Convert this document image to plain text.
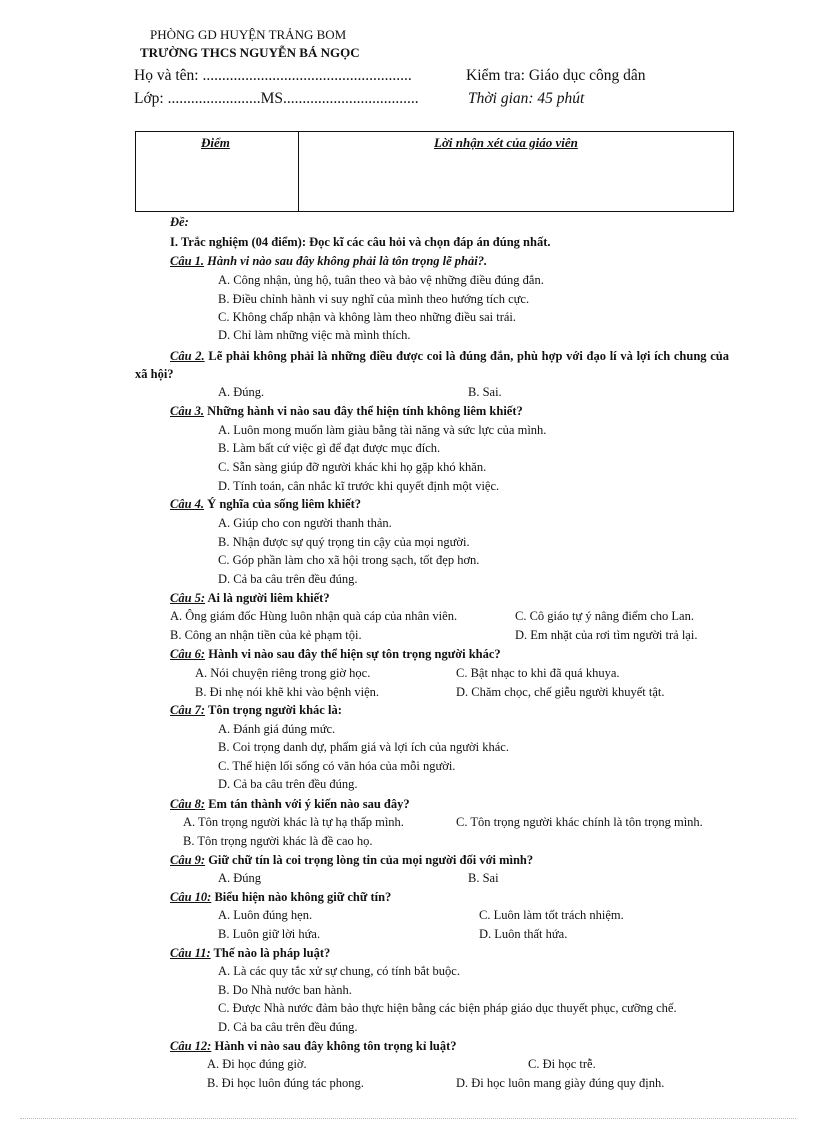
PHÒNG GD HUYỆN TRẢNG BOM
TRƯỜNG THCS NGUYỄN BÁ NGỌC
Họ và tên: ......................................................
Lớp: ........................MS...................................
Kiểm tra: Giáo dục công dân
Thời gian: 45 phút
Điểm	Lời nhận xét của giáo viên
Đề:
I. Trắc nghiệm (04 điểm): Đọc kĩ các câu hỏi và chọn đáp án đúng nhất.
Câu 1. Hành vi nào sau đây không phải là tôn trọng lẽ phải?.
A. Công nhận, ủng hộ, tuân theo và bảo vệ những điều đúng đắn.
B. Điều chỉnh hành vi suy nghĩ của mình theo hướng tích cực.
C. Không chấp nhận và không làm theo những điều sai trái.
D. Chỉ làm những việc mà mình thích.
Câu 2. Lẽ phải không phải là những điều được coi là đúng đắn, phù hợp với đạo lí và lợi ích chung của xã hội?
A. Đúng.	B. Sai.
Câu 3. Những hành vi nào sau đây thể hiện tính không liêm khiết?
A. Luôn mong muốn làm giàu bằng tài năng và sức lực của mình.
B. Làm bất cứ việc gì để đạt được mục đích.
C. Sẵn sàng giúp đỡ người khác khi họ gặp khó khăn.
D. Tính toán, cân nhắc kĩ trước khi quyết định một việc.
Câu 4. Ý nghĩa của sống liêm khiết?
A. Giúp cho con người thanh thản.
B. Nhận được sự quý trọng tin cậy của mọi người.
C. Góp phần làm cho xã hội trong sạch, tốt đẹp hơn.
D. Cả ba câu trên đều đúng.
Câu 5: Ai là người liêm khiết?
A. Ông giám đốc Hùng luôn nhận quà cáp của nhân viên.	C. Cô giáo tự ý nâng điểm cho Lan.
B. Công an nhận tiền của kẻ phạm tội.	D. Em nhặt của rơi tìm người trả lại.
Câu 6: Hành vi nào sau đây thể hiện sự tôn trọng người khác?
A. Nói chuyện riêng trong giờ học.	C. Bật nhạc to khi đã quá khuya.
B. Đi nhẹ nói khẽ khi vào bệnh viện.	D. Chăm chọc, chế giễu người khuyết tật.
Câu 7: Tôn trọng người khác là:
A. Đánh giá đúng mức.
B. Coi trọng danh dự, phẩm giá và lợi ích của người khác.
C. Thể hiện lối sống có văn hóa của mỗi người.
D. Cả ba câu trên đều đúng.
Câu 8: Em tán thành với ý kiến nào sau đây?
A. Tôn trọng người khác là tự hạ thấp mình.	C. Tôn trọng người khác chính là tôn trọng mình.
B. Tôn trọng người khác là đề cao họ.
Câu 9: Giữ chữ tín là coi trọng lòng tin của mọi người đối với mình?
A. Đúng	B. Sai
Câu 10: Biểu hiện nào không giữ chữ tín?
A. Luôn đúng hẹn.	C. Luôn làm tốt trách nhiệm.
B. Luôn giữ lời hứa.	D. Luôn thất hứa.
Câu 11: Thế nào là pháp luật?
A. Là các quy tắc xử sự chung, có tính bắt buộc.
B. Do Nhà nước ban hành.
C. Được Nhà nước đảm bảo thực hiện bằng các biện pháp giáo dục thuyết phục, cưỡng chế.
D. Cả ba câu trên đều đúng.
Câu 12: Hành vi nào sau đây không tôn trọng kỉ luật?
A. Đi học đúng giờ.	C. Đi học trễ.
B. Đi học luôn đúng tác phong.	D. Đi học luôn mang giày đúng quy định.
